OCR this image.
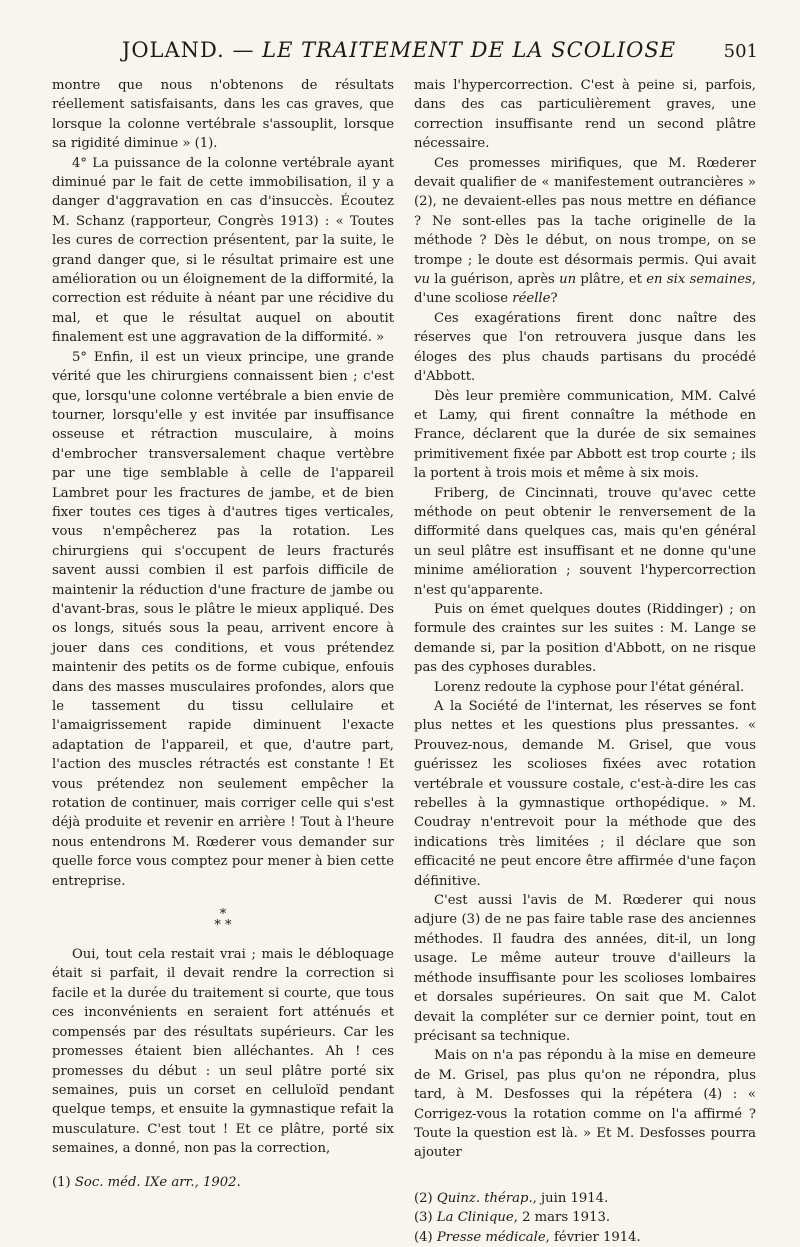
JOLAND. — LE TRAITEMENT DE LA SCOLIOSE	501

montre que nous n'obtenons de résultats réellement satisfaisants, dans les cas graves, que lorsque la colonne vertébrale s'assouplit, lorsque sa rigidité diminue » (1).

4° La puissance de la colonne vertébrale ayant diminué par le fait de cette immobilisation, il y a danger d'aggravation en cas d'insuccès. Écoutez M. Schanz (rapporteur, Congrès 1913) : « Toutes les cures de correction présentent, par la suite, le grand danger que, si le résultat primaire est une amélioration ou un éloignement de la difformité, la correction est réduite à néant par une récidive du mal, et que le résultat auquel on aboutit finalement est une aggravation de la difformité. »

5° Enfin, il est un vieux principe, une grande vérité que les chirurgiens connaissent bien ; c'est que, lorsqu'une colonne vertébrale a bien envie de tourner, lorsqu'elle y est invitée par insuffisance osseuse et rétraction musculaire, à moins d'embrocher transversalement chaque vertèbre par une tige semblable à celle de l'appareil Lambret pour les fractures de jambe, et de bien fixer toutes ces tiges à d'autres tiges verticales, vous n'empêcherez pas la rotation. Les chirurgiens qui s'occupent de leurs fracturés savent aussi combien il est parfois difficile de maintenir la réduction d'une fracture de jambe ou d'avant-bras, sous le plâtre le mieux appliqué. Des os longs, situés sous la peau, arrivent encore à jouer dans ces conditions, et vous prétendez maintenir des petits os de forme cubique, enfouis dans des masses musculaires profondes, alors que le tassement du tissu cellulaire et l'amaigrissement rapide diminuent l'exacte adaptation de l'appareil, et que, d'autre part, l'action des muscles rétractés est constante ! Et vous prétendez non seulement empêcher la rotation de continuer, mais corriger celle qui s'est déjà produite et revenir en arrière ! Tout à l'heure nous entendrons M. Rœderer vous demander sur quelle force vous comptez pour mener à bien cette entreprise.

*
* *

Oui, tout cela restait vrai ; mais le débloquage était si parfait, il devait rendre la correction si facile et la durée du traitement si courte, que tous ces inconvénients en seraient fort atténués et compensés par des résultats supérieurs. Car les promesses étaient bien alléchantes. Ah ! ces promesses du début : un seul plâtre porté six semaines, puis un corset en celluloïd pendant quelque temps, et ensuite la gymnastique refait la musculature. C'est tout ! Et ce plâtre, porté six semaines, a donné, non pas la correction,

(1) Soc. méd. IXe arr., 1902.

mais l'hypercorrection. C'est à peine si, parfois, dans des cas particulièrement graves, une correction insuffisante rend un second plâtre nécessaire.

Ces promesses mirifiques, que M. Rœderer devait qualifier de « manifestement outrancières » (2), ne devaient-elles pas nous mettre en défiance ? Ne sont-elles pas la tache originelle de la méthode ? Dès le début, on nous trompe, on se trompe ; le doute est désormais permis. Qui avait vu la guérison, après un plâtre, et en six semaines, d'une scoliose réelle?

Ces exagérations firent donc naître des réserves que l'on retrouvera jusque dans les éloges des plus chauds partisans du procédé d'Abbott.

Dès leur première communication, MM. Calvé et Lamy, qui firent connaître la méthode en France, déclarent que la durée de six semaines primitivement fixée par Abbott est trop courte ; ils la portent à trois mois et même à six mois.

Friberg, de Cincinnati, trouve qu'avec cette méthode on peut obtenir le renversement de la difformité dans quelques cas, mais qu'en général un seul plâtre est insuffisant et ne donne qu'une minime amélioration ; souvent l'hypercorrection n'est qu'apparente.

Puis on émet quelques doutes (Riddinger) ; on formule des craintes sur les suites : M. Lange se demande si, par la position d'Abbott, on ne risque pas des cyphoses durables.

Lorenz redoute la cyphose pour l'état général.

A la Société de l'internat, les réserves se font plus nettes et les questions plus pressantes. « Prouvez-nous, demande M. Grisel, que vous guérissez les scolioses fixées avec rotation vertébrale et voussure costale, c'est-à-dire les cas rebelles à la gymnastique orthopédique. » M. Coudray n'entrevoit pour la méthode que des indications très limitées ; il déclare que son efficacité ne peut encore être affirmée d'une façon définitive.

C'est aussi l'avis de M. Rœderer qui nous adjure (3) de ne pas faire table rase des anciennes méthodes. Il faudra des années, dit-il, un long usage. Le même auteur trouve d'ailleurs la méthode insuffisante pour les scolioses lombaires et dorsales supérieures. On sait que M. Calot devait la compléter sur ce dernier point, tout en précisant sa technique.

Mais on n'a pas répondu à la mise en demeure de M. Grisel, pas plus qu'on ne répondra, plus tard, à M. Desfosses qui la répétera (4) : « Corrigez-vous la rotation comme on l'a affirmé ? Toute la question est là. » Et M. Desfosses pourra ajouter

(2) Quinz. thérap., juin 1914.

(3) La Clinique, 2 mars 1913.

(4) Presse médicale, février 1914.
